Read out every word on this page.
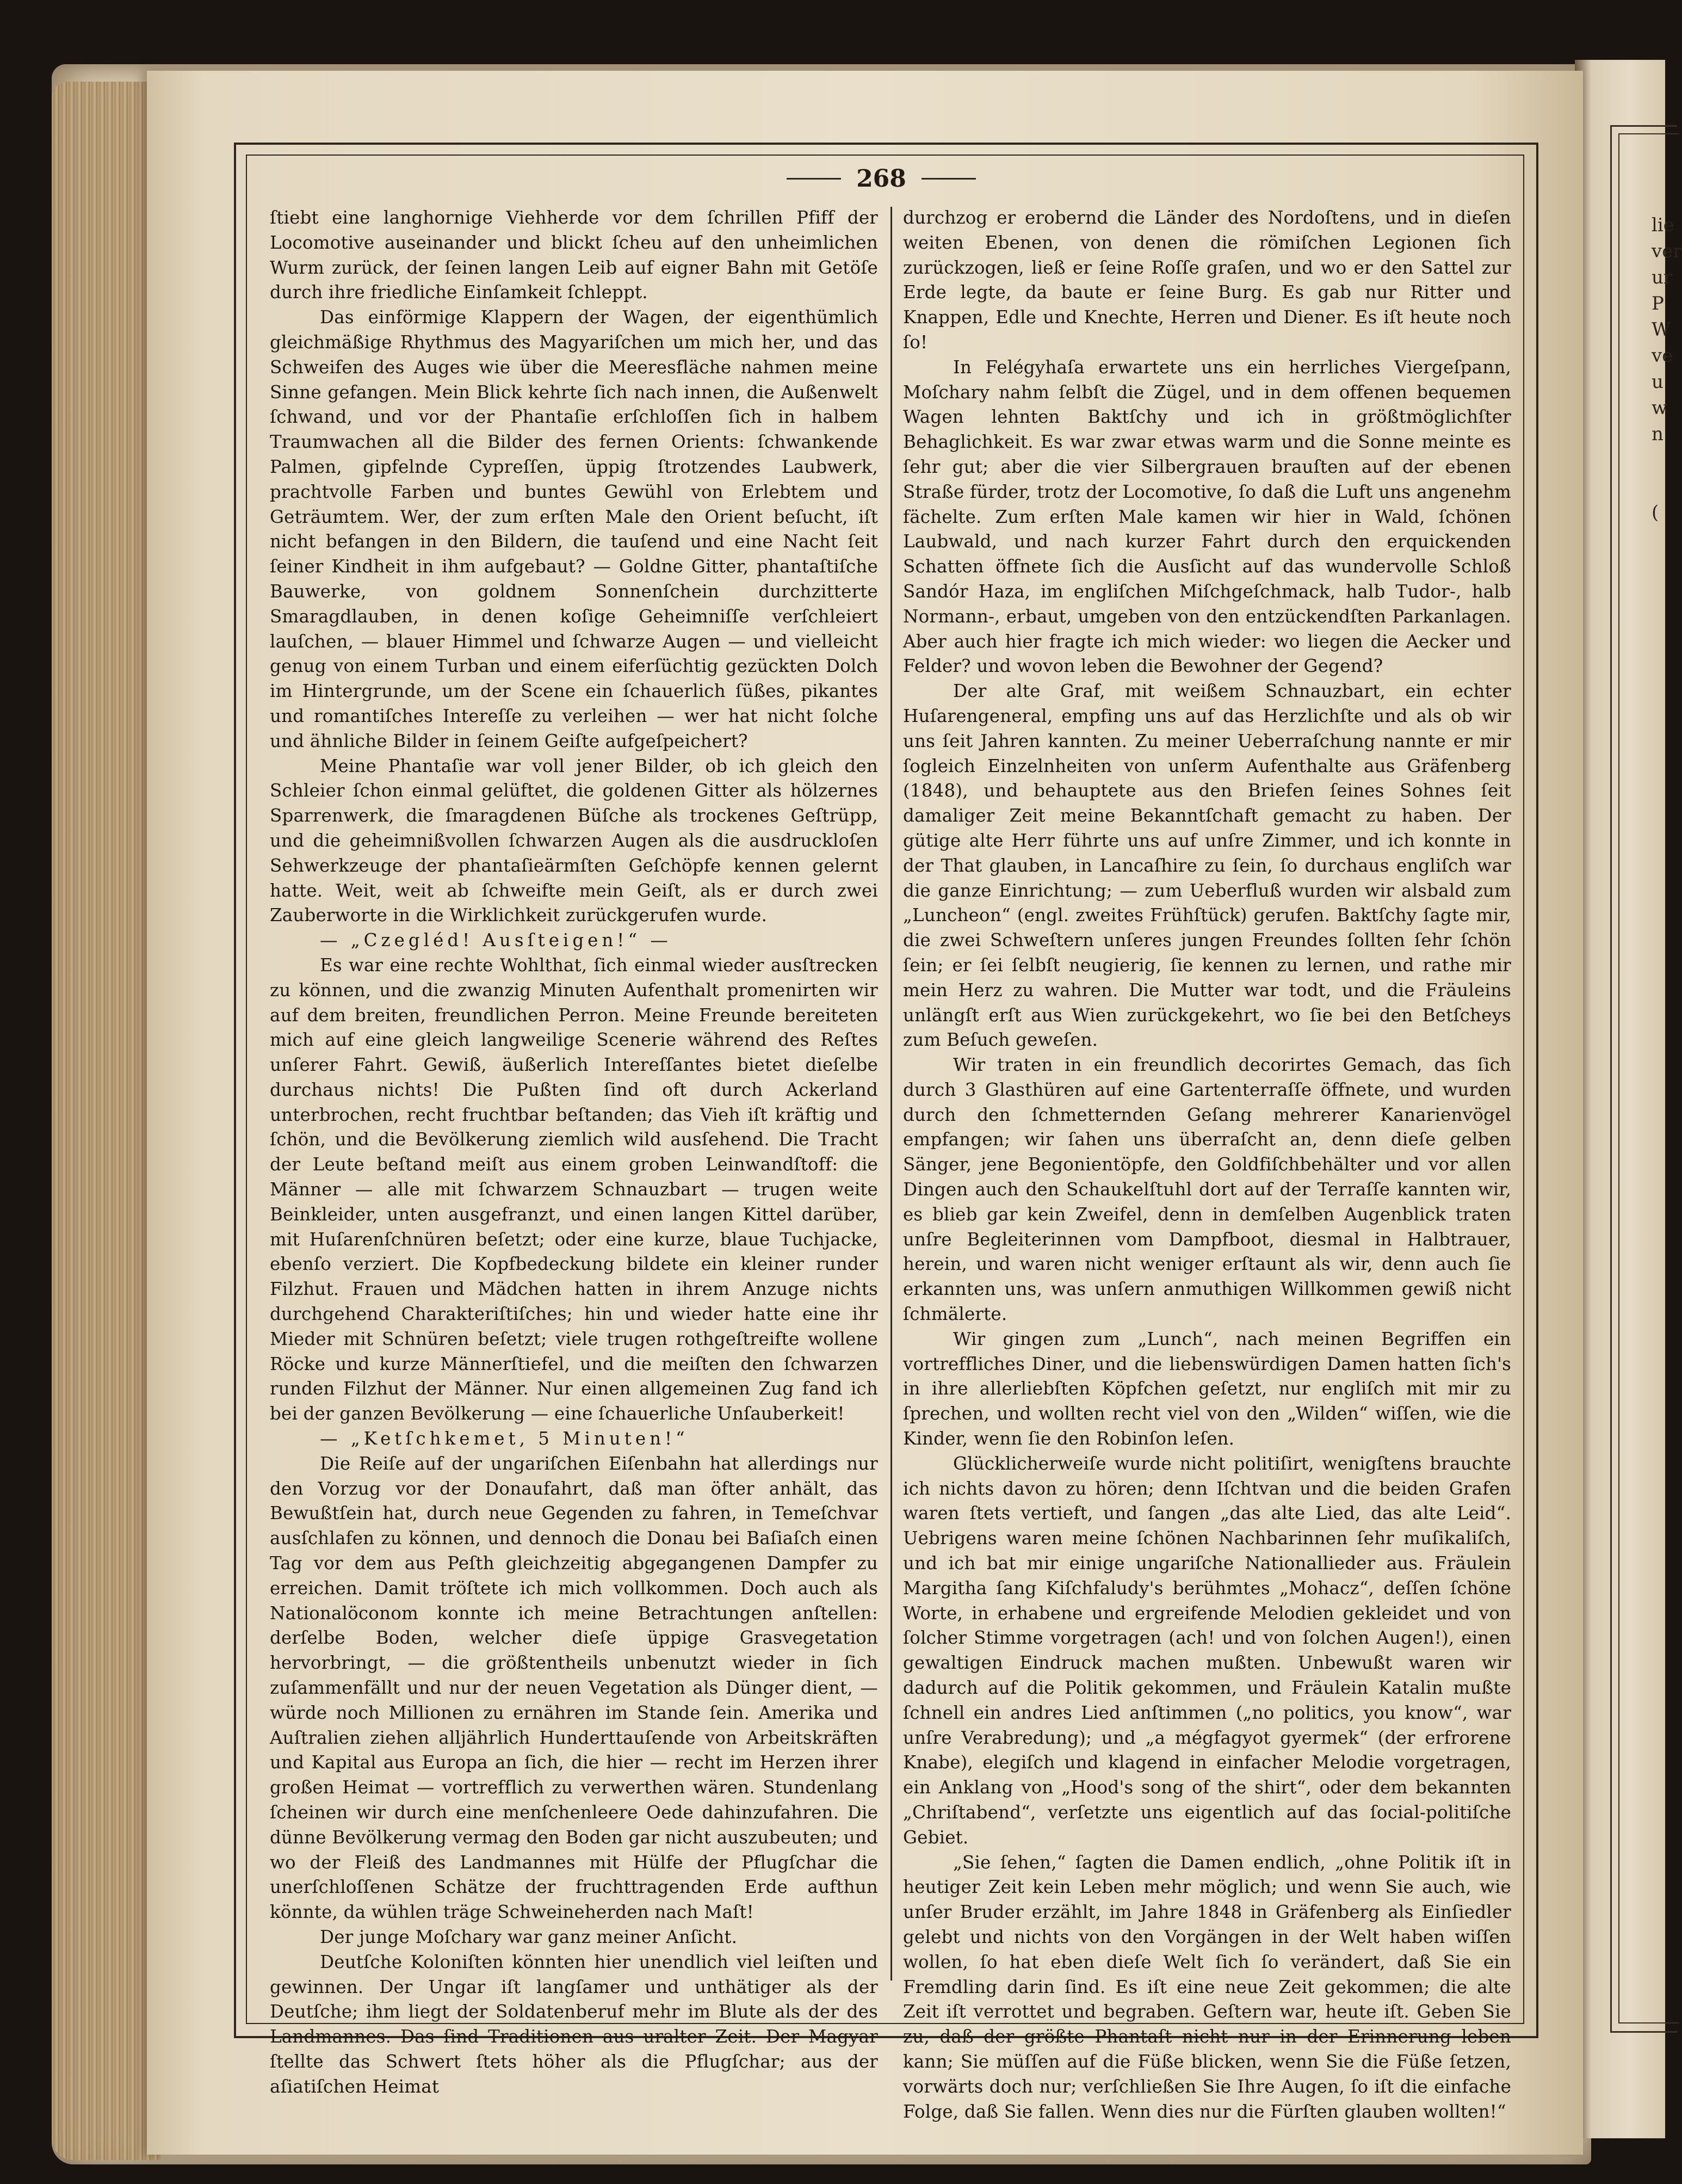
lie
ver
ur
P
W
ve
u
w
n

(
268

ſtiebt eine langhornige Viehherde vor dem ſchrillen Pfiff der Locomotive auseinander und blickt ſcheu auf den unheimlichen Wurm zurück, der ſeinen langen Leib auf eigner Bahn mit Getöſe durch ihre friedliche Einſamkeit ſchleppt.

Das einförmige Klappern der Wagen, der eigenthümlich gleichmäßige Rhythmus des Magyariſchen um mich her, und das Schweifen des Auges wie über die Meeresfläche nahmen meine Sinne gefangen. Mein Blick kehrte ſich nach innen, die Außenwelt ſchwand, und vor der Phantaſie erſchloſſen ſich in halbem Traumwachen all die Bilder des fernen Orients: ſchwankende Palmen, gipfelnde Cypreſſen, üppig ſtrotzendes Laubwerk, prachtvolle Farben und buntes Gewühl von Erlebtem und Geträumtem. Wer, der zum erſten Male den Orient beſucht, iſt nicht befangen in den Bildern, die tauſend und eine Nacht ſeit ſeiner Kindheit in ihm aufgebaut? — Goldne Gitter, phantaſtiſche Bauwerke, von goldnem Sonnenſchein durchzitterte Smaragdlauben, in denen koſige Geheimniſſe verſchleiert lauſchen, — blauer Himmel und ſchwarze Augen — und vielleicht genug von einem Turban und einem eiferſüchtig gezückten Dolch im Hintergrunde, um der Scene ein ſchauerlich ſüßes, pikantes und romantiſches Intereſſe zu verleihen — wer hat nicht ſolche und ähnliche Bilder in ſeinem Geiſte aufgeſpeichert?

Meine Phantaſie war voll jener Bilder, ob ich gleich den Schleier ſchon einmal gelüftet, die goldenen Gitter als hölzernes Sparrenwerk, die ſmaragdenen Büſche als trockenes Geſtrüpp, und die geheimnißvollen ſchwarzen Augen als die ausdruckloſen Sehwerkzeuge der phantaſieärmſten Geſchöpfe kennen gelernt hatte. Weit, weit ab ſchweifte mein Geiſt, als er durch zwei Zauberworte in die Wirklichkeit zurückgerufen wurde.

— „Czegléd! Ausſteigen!“ —

Es war eine rechte Wohlthat, ſich einmal wieder ausſtrecken zu können, und die zwanzig Minuten Aufenthalt promenirten wir auf dem breiten, freundlichen Perron. Meine Freunde bereiteten mich auf eine gleich langweilige Scenerie während des Reſtes unſerer Fahrt. Gewiß, äußerlich Intereſſantes bietet dieſelbe durchaus nichts! Die Pußten ſind oft durch Ackerland unterbrochen, recht fruchtbar beſtanden; das Vieh iſt kräftig und ſchön, und die Bevölkerung ziemlich wild ausſehend. Die Tracht der Leute beſtand meiſt aus einem groben Leinwandſtoff: die Männer — alle mit ſchwarzem Schnauzbart — trugen weite Beinkleider, unten ausgefranzt, und einen langen Kittel darüber, mit Huſarenſchnüren beſetzt; oder eine kurze, blaue Tuchjacke, ebenſo verziert. Die Kopfbedeckung bildete ein kleiner runder Filzhut. Frauen und Mädchen hatten in ihrem Anzuge nichts durchgehend Charakteriſtiſches; hin und wieder hatte eine ihr Mieder mit Schnüren beſetzt; viele trugen rothgeſtreifte wollene Röcke und kurze Männerſtiefel, und die meiſten den ſchwarzen runden Filzhut der Männer. Nur einen allgemeinen Zug fand ich bei der ganzen Bevölkerung — eine ſchauerliche Unſauberkeit!

— „Ketſchkemet, 5 Minuten!“

Die Reiſe auf der ungariſchen Eiſenbahn hat allerdings nur den Vorzug vor der Donaufahrt, daß man öfter anhält, das Bewußtſein hat, durch neue Gegenden zu fahren, in Temeſchvar ausſchlafen zu können, und dennoch die Donau bei Baſiaſch einen Tag vor dem aus Peſth gleichzeitig abgegangenen Dampfer zu erreichen. Damit tröſtete ich mich vollkommen. Doch auch als Nationalöconom konnte ich meine Betrachtungen anſtellen: derſelbe Boden, welcher dieſe üppige Grasvegetation hervorbringt, — die größtentheils unbenutzt wieder in ſich zuſammenfällt und nur der neuen Vegetation als Dünger dient, — würde noch Millionen zu ernähren im Stande ſein. Amerika und Auſtralien ziehen alljährlich Hunderttauſende von Arbeitskräften und Kapital aus Europa an ſich, die hier — recht im Herzen ihrer großen Heimat — vortrefflich zu verwerthen wären. Stundenlang ſcheinen wir durch eine menſchenleere Oede dahinzufahren. Die dünne Bevölkerung vermag den Boden gar nicht auszubeuten; und wo der Fleiß des Landmannes mit Hülfe der Pflugſchar die unerſchloſſenen Schätze der fruchttragenden Erde aufthun könnte, da wühlen träge Schweineherden nach Maſt!

Der junge Moſchary war ganz meiner Anſicht.

Deutſche Koloniſten könnten hier unendlich viel leiſten und gewinnen. Der Ungar iſt langſamer und unthätiger als der Deutſche; ihm liegt der Soldatenberuf mehr im Blute als der des Landmannes. Das ſind Traditionen aus uralter Zeit. Der Magyar ſtellte das Schwert ſtets höher als die Pflugſchar; aus der aſiatiſchen Heimat

durchzog er erobernd die Länder des Nordoſtens, und in dieſen weiten Ebenen, von denen die römiſchen Legionen ſich zurückzogen, ließ er ſeine Roſſe graſen, und wo er den Sattel zur Erde legte, da baute er ſeine Burg. Es gab nur Ritter und Knappen, Edle und Knechte, Herren und Diener. Es iſt heute noch ſo!

In Felégyhaſa erwartete uns ein herrliches Viergeſpann, Moſchary nahm ſelbſt die Zügel, und in dem offenen bequemen Wagen lehnten Baktſchy und ich in größtmöglichſter Behaglichkeit. Es war zwar etwas warm und die Sonne meinte es ſehr gut; aber die vier Silbergrauen brauſten auf der ebenen Straße fürder, trotz der Locomotive, ſo daß die Luft uns angenehm fächelte. Zum erſten Male kamen wir hier in Wald, ſchönen Laubwald, und nach kurzer Fahrt durch den erquickenden Schatten öffnete ſich die Ausſicht auf das wundervolle Schloß Sandór Haza, im engliſchen Miſchgeſchmack, halb Tudor-, halb Normann-, erbaut, umgeben von den entzückendſten Parkanlagen. Aber auch hier fragte ich mich wieder: wo liegen die Aecker und Felder? und wovon leben die Bewohner der Gegend?

Der alte Graf, mit weißem Schnauzbart, ein echter Huſarengeneral, empfing uns auf das Herzlichſte und als ob wir uns ſeit Jahren kannten. Zu meiner Ueberraſchung nannte er mir ſogleich Einzelnheiten von unſerm Aufenthalte aus Gräfenberg (1848), und behauptete aus den Briefen ſeines Sohnes ſeit damaliger Zeit meine Bekanntſchaft gemacht zu haben. Der gütige alte Herr führte uns auf unſre Zimmer, und ich konnte in der That glauben, in Lancaſhire zu ſein, ſo durchaus engliſch war die ganze Einrichtung; — zum Ueberfluß wurden wir alsbald zum „Luncheon“ (engl. zweites Frühſtück) gerufen. Baktſchy ſagte mir, die zwei Schweſtern unſeres jungen Freundes ſollten ſehr ſchön ſein; er ſei ſelbſt neugierig, ſie kennen zu lernen, und rathe mir mein Herz zu wahren. Die Mutter war todt, und die Fräuleins unlängſt erſt aus Wien zurückgekehrt, wo ſie bei den Betſcheys zum Beſuch geweſen.

Wir traten in ein freundlich decorirtes Gemach, das ſich durch 3 Glasthüren auf eine Gartenterraſſe öffnete, und wurden durch den ſchmetternden Geſang mehrerer Kanarienvögel empfangen; wir ſahen uns überraſcht an, denn dieſe gelben Sänger, jene Begonientöpfe, den Goldfiſchbehälter und vor allen Dingen auch den Schaukelſtuhl dort auf der Terraſſe kannten wir, es blieb gar kein Zweifel, denn in demſelben Augenblick traten unſre Begleiterinnen vom Dampfboot, diesmal in Halbtrauer, herein, und waren nicht weniger erſtaunt als wir, denn auch ſie erkannten uns, was unſern anmuthigen Willkommen gewiß nicht ſchmälerte.

Wir gingen zum „Lunch“, nach meinen Begriffen ein vortreffliches Diner, und die liebenswürdigen Damen hatten ſich's in ihre allerliebſten Köpfchen geſetzt, nur engliſch mit mir zu ſprechen, und wollten recht viel von den „Wilden“ wiſſen, wie die Kinder, wenn ſie den Robinſon leſen.

Glücklicherweiſe wurde nicht politiſirt, wenigſtens brauchte ich nichts davon zu hören; denn Iſchtvan und die beiden Grafen waren ſtets vertieft, und ſangen „das alte Lied, das alte Leid“. Uebrigens waren meine ſchönen Nachbarinnen ſehr muſikaliſch, und ich bat mir einige ungariſche Nationallieder aus. Fräulein Margitha ſang Kiſchfaludy's berühmtes „Mohacz“, deſſen ſchöne Worte, in erhabene und ergreifende Melodien gekleidet und von ſolcher Stimme vorgetragen (ach! und von ſolchen Augen!), einen gewaltigen Eindruck machen mußten. Unbewußt waren wir dadurch auf die Politik gekommen, und Fräulein Katalin mußte ſchnell ein andres Lied anſtimmen („no politics, you know“, war unſre Verabredung); und „a mégfagyot gyermek“ (der erfrorene Knabe), elegiſch und klagend in einfacher Melodie vorgetragen, ein Anklang von „Hood's song of the shirt“, oder dem bekannten „Chriſtabend“, verſetzte uns eigentlich auf das ſocial-politiſche Gebiet.

„Sie ſehen,“ ſagten die Damen endlich, „ohne Politik iſt in heutiger Zeit kein Leben mehr möglich; und wenn Sie auch, wie unſer Bruder erzählt, im Jahre 1848 in Gräfenberg als Einſiedler gelebt und nichts von den Vorgängen in der Welt haben wiſſen wollen, ſo hat eben dieſe Welt ſich ſo verändert, daß Sie ein Fremdling darin ſind. Es iſt eine neue Zeit gekommen; die alte Zeit iſt verrottet und begraben. Geſtern war, heute iſt. Geben Sie zu, daß der größte Phantaſt nicht nur in der Erinnerung leben kann; Sie müſſen auf die Füße blicken, wenn Sie die Füße ſetzen, vorwärts doch nur; verſchließen Sie Ihre Augen, ſo iſt die einfache Folge, daß Sie fallen. Wenn dies nur die Fürſten glauben wollten!“
